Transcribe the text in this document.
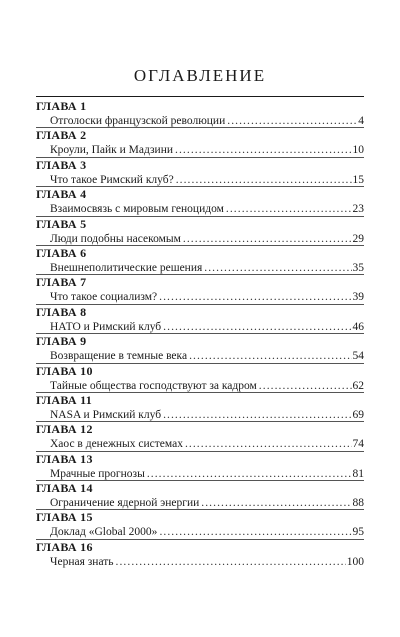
ОГЛАВЛЕНИЕ
ГЛАВА 1
Отголоски французской революции . . .	4
ГЛАВА 2
Кроули, Пайк и Мадзини . . .	10
ГЛАВА 3
Что такое Римский клуб? . . .	15
ГЛАВА 4
Взаимосвязь с мировым геноцидом . . .	23
ГЛАВА 5
Люди подобны насекомым . . .	29
ГЛАВА 6
Внешнеполитические решения . . .	35
ГЛАВА 7
Что такое социализм? . . .	39
ГЛАВА 8
НАТО и Римский клуб . . .	46
ГЛАВА 9
Возвращение в темные века . . .	54
ГЛАВА 10
Тайные общества господствуют за кадром . . .	62
ГЛАВА 11
NASA и Римский клуб . . .	69
ГЛАВА 12
Хаос в денежных системах . . .	74
ГЛАВА 13
Мрачные прогнозы . . .	81
ГЛАВА 14
Ограничение ядерной энергии . . .	88
ГЛАВА 15
Доклад «Global 2000» . . .	95
ГЛАВА 16
Черная знать . . .	100
